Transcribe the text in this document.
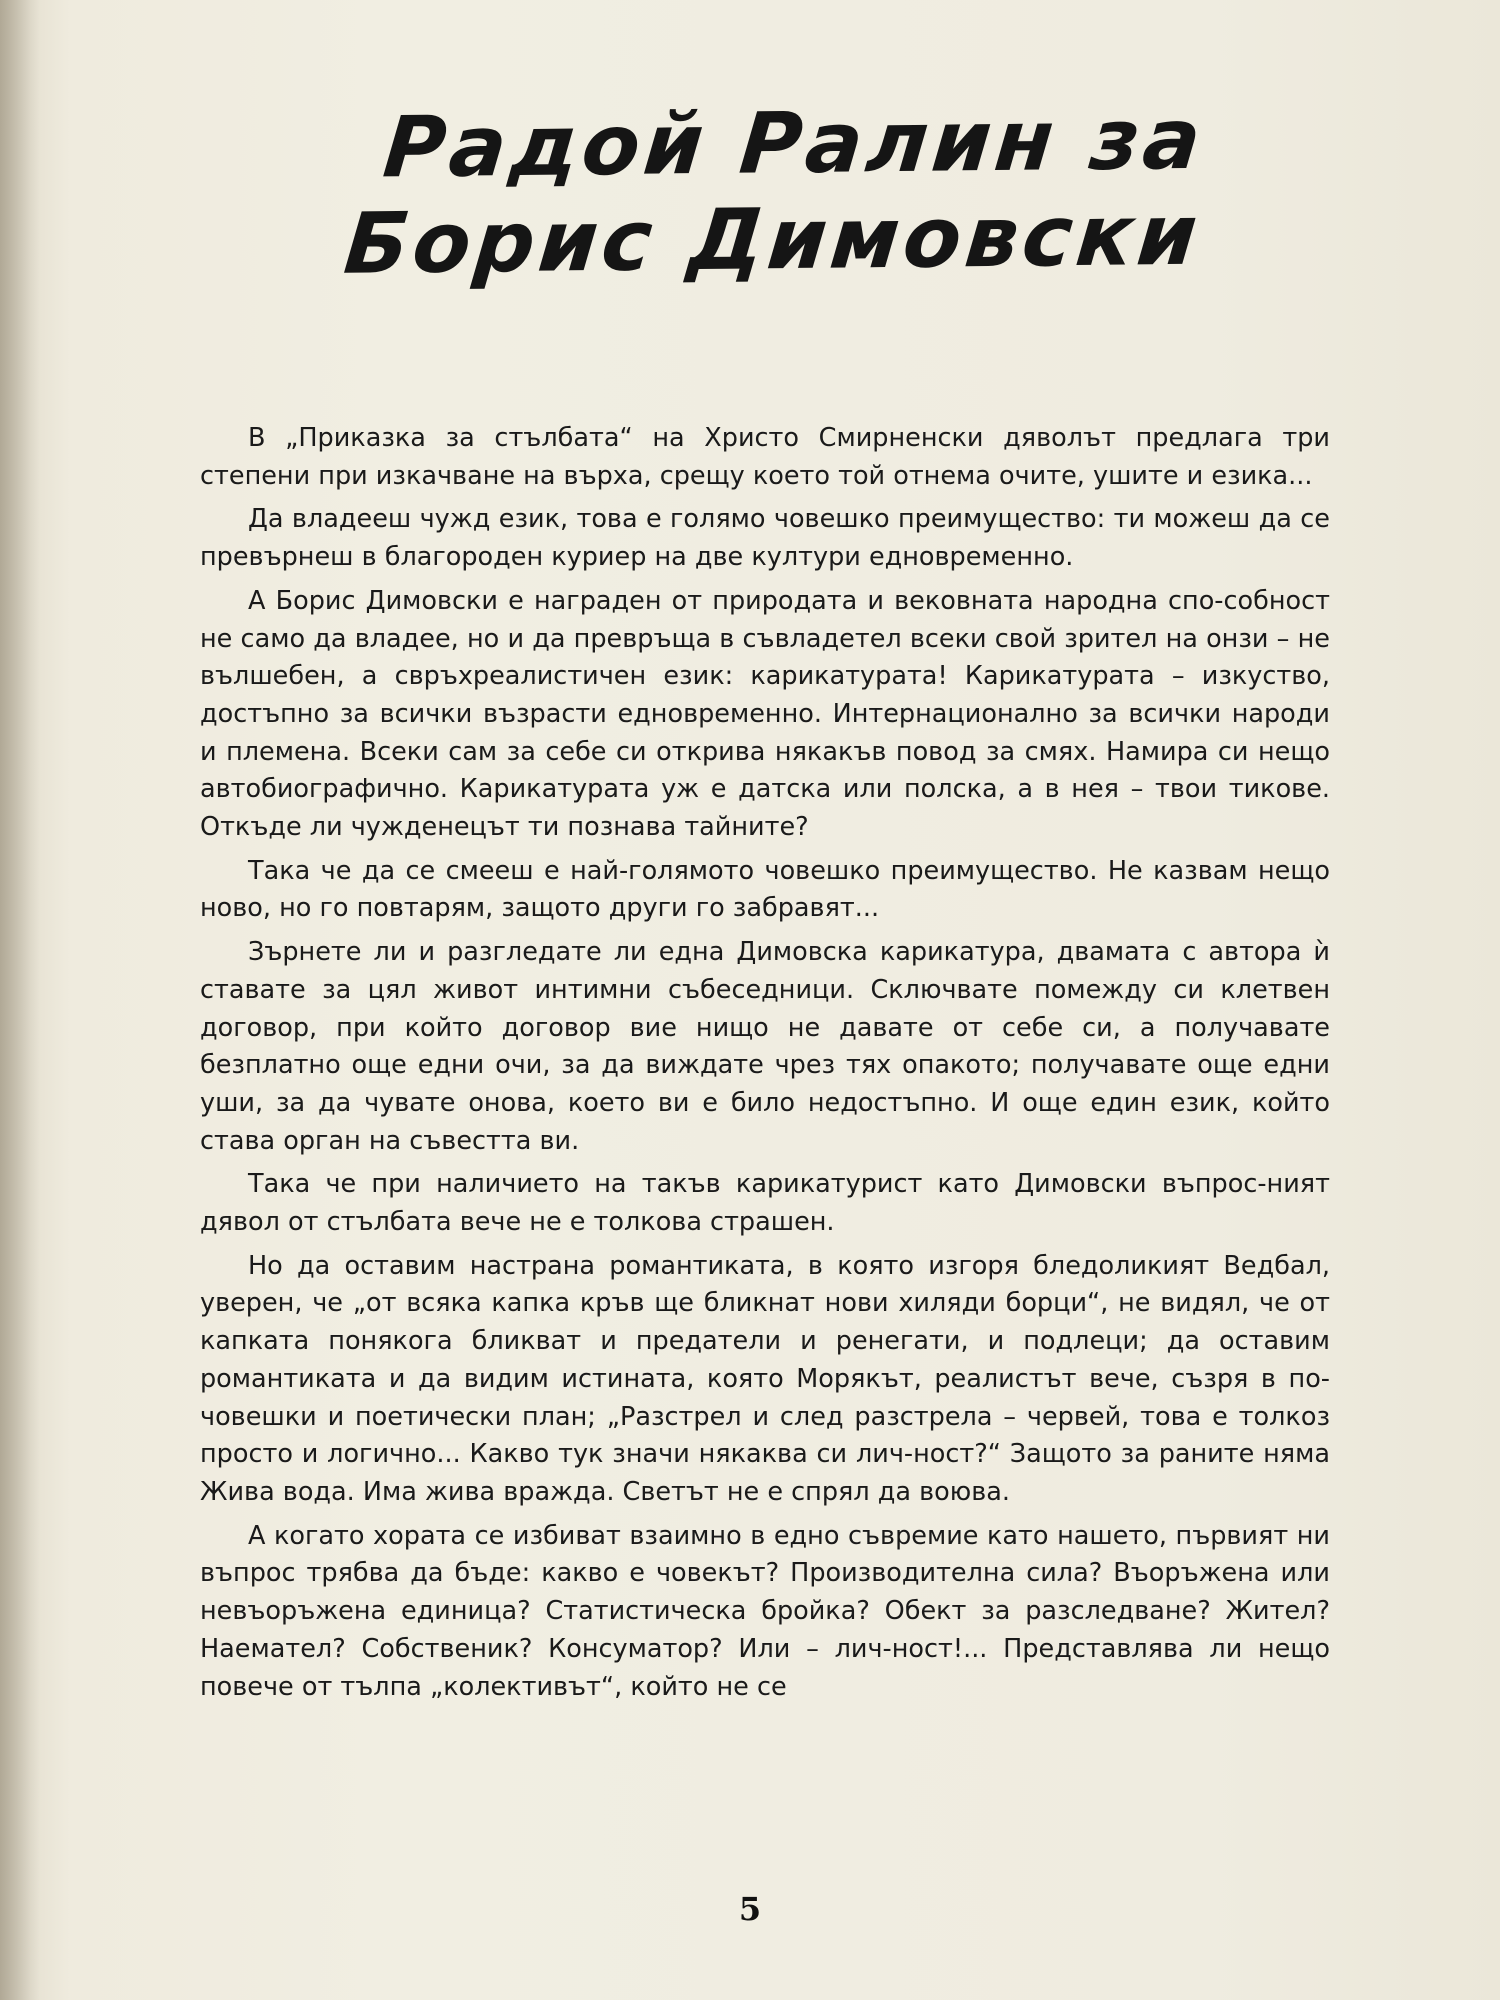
Радой Ралин за
Борис Димовски

В „Приказка за стълбата“ на Христо Смирненски дяволът предлага три степени при изкачване на върха, срещу което той отнема очите, ушите и езика...

Да владееш чужд език, това е голямо човешко преимущество: ти можеш да се превърнеш в благороден куриер на две култури едновременно.

А Борис Димовски е награден от природата и вековната народна спо-собност не само да владее, но и да превръща в съвладетел всеки свой зрител на онзи – не вълшебен, а свръхреалистичен език: карикатурата! Карикатурата – изкуство, достъпно за всички възрасти едновременно. Интернационално за всички народи и племена. Всеки сам за себе си открива някакъв повод за смях. Намира си нещо автобиографично. Карикатурата уж е датска или полска, а в нея – твои тикове. Откъде ли чужденецът ти познава тайните?

Така че да се смееш е най-голямото човешко преимущество. Не казвам нещо ново, но го повтарям, защото други го забравят...

Зърнете ли и разгледате ли една Димовска карикатура, двамата с автора ѝ ставате за цял живот интимни събеседници. Сключвате помежду си клетвен договор, при който договор вие нищо не давате от себе си, а получавате безплатно още едни очи, за да виждате чрез тях опакото; получавате още едни уши, за да чувате онова, което ви е било недостъпно. И още един език, който става орган на съвестта ви.

Така че при наличието на такъв карикатурист като Димовски въпрос-ният дявол от стълбата вече не е толкова страшен.

Но да оставим настрана романтиката, в която изгоря бледоликият Ведбал, уверен, че „от всяка капка кръв ще бликнат нови хиляди борци“, не видял, че от капката понякога бликват и предатели и ренегати, и подлеци; да оставим романтиката и да видим истината, която Морякът, реалистът вече, съзря в по-човешки и поетически план; „Разстрел и след разстрела – червей, това е толкоз просто и логично... Какво тук значи някаква си лич-ност?“ Защото за раните няма Жива вода. Има жива вражда. Светът не е спрял да воюва.

А когато хората се избиват взаимно в едно съвремие като нашето, първият ни въпрос трябва да бъде: какво е човекът? Производителна сила? Въоръжена или невъоръжена единица? Статистическа бройка? Обект за разследване? Жител? Наемател? Собственик? Консуматор? Или – лич-ност!... Представлява ли нещо повече от тълпа „колективът“, който не се

5
